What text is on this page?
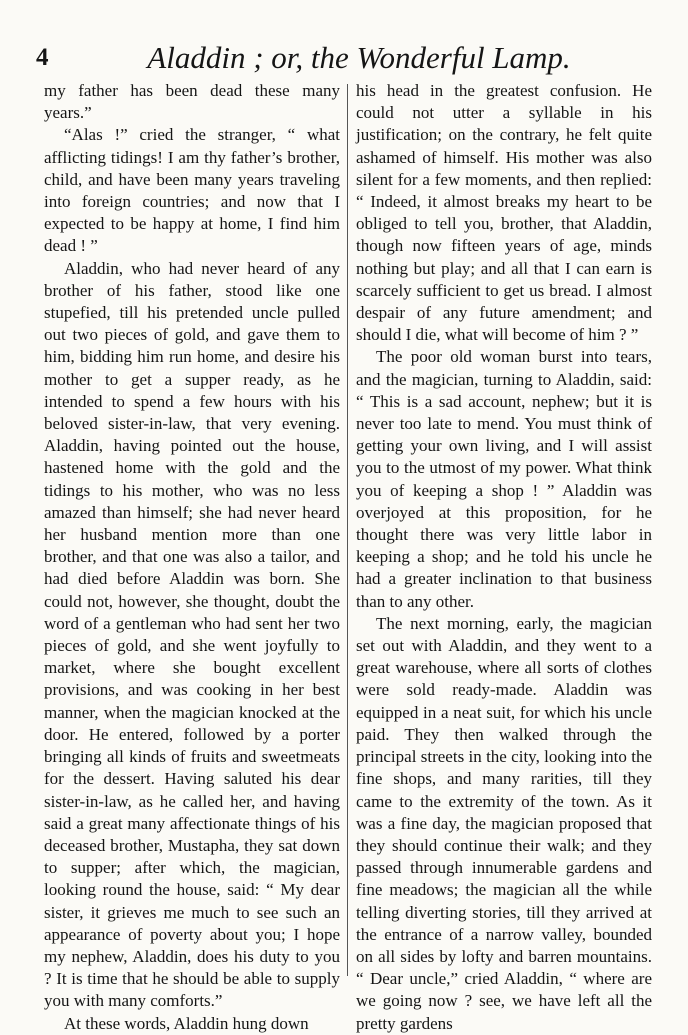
4	Aladdin ; or, the Wonderful Lamp.

my father has been dead these many years.”

“Alas !” cried the stranger, “ what afflicting tidings! I am thy father’s brother, child, and have been many years traveling into foreign countries; and now that I expected to be happy at home, I find him dead ! ”

Aladdin, who had never heard of any brother of his father, stood like one stupefied, till his pretended uncle pulled out two pieces of gold, and gave them to him, bidding him run home, and desire his mother to get a supper ready, as he intended to spend a few hours with his beloved sister-in-law, that very evening. Aladdin, having pointed out the house, hastened home with the gold and the tidings to his mother, who was no less amazed than himself; she had never heard her husband mention more than one brother, and that one was also a tailor, and had died before Aladdin was born. She could not, however, she thought, doubt the word of a gentleman who had sent her two pieces of gold, and she went joyfully to market, where she bought excellent provisions, and was cooking in her best manner, when the magician knocked at the door. He entered, followed by a porter bringing all kinds of fruits and sweetmeats for the dessert. Having saluted his dear sister-in-law, as he called her, and having said a great many affectionate things of his deceased brother, Mustapha, they sat down to supper; after which, the magician, looking round the house, said: “ My dear sister, it grieves me much to see such an appearance of poverty about you; I hope my nephew, Aladdin, does his duty to you ? It is time that he should be able to supply you with many comforts.”

At these words, Aladdin hung down

his head in the greatest confusion. He could not utter a syllable in his justification; on the contrary, he felt quite ashamed of himself. His mother was also silent for a few moments, and then replied: “ Indeed, it almost breaks my heart to be obliged to tell you, brother, that Aladdin, though now fifteen years of age, minds nothing but play; and all that I can earn is scarcely sufficient to get us bread. I almost despair of any future amendment; and should I die, what will become of him ? ”

The poor old woman burst into tears, and the magician, turning to Aladdin, said: “ This is a sad account, nephew; but it is never too late to mend. You must think of getting your own living, and I will assist you to the utmost of my power. What think you of keeping a shop ! ” Aladdin was overjoyed at this proposition, for he thought there was very little labor in keeping a shop; and he told his uncle he had a greater inclination to that business than to any other.

The next morning, early, the magician set out with Aladdin, and they went to a great warehouse, where all sorts of clothes were sold ready-made. Aladdin was equipped in a neat suit, for which his uncle paid. They then walked through the principal streets in the city, looking into the fine shops, and many rarities, till they came to the extremity of the town. As it was a fine day, the magician proposed that they should continue their walk; and they passed through innumerable gardens and fine meadows; the magician all the while telling diverting stories, till they arrived at the entrance of a narrow valley, bounded on all sides by lofty and barren mountains. “ Dear uncle,” cried Aladdin, “ where are we going now ? see, we have left all the pretty gardens
